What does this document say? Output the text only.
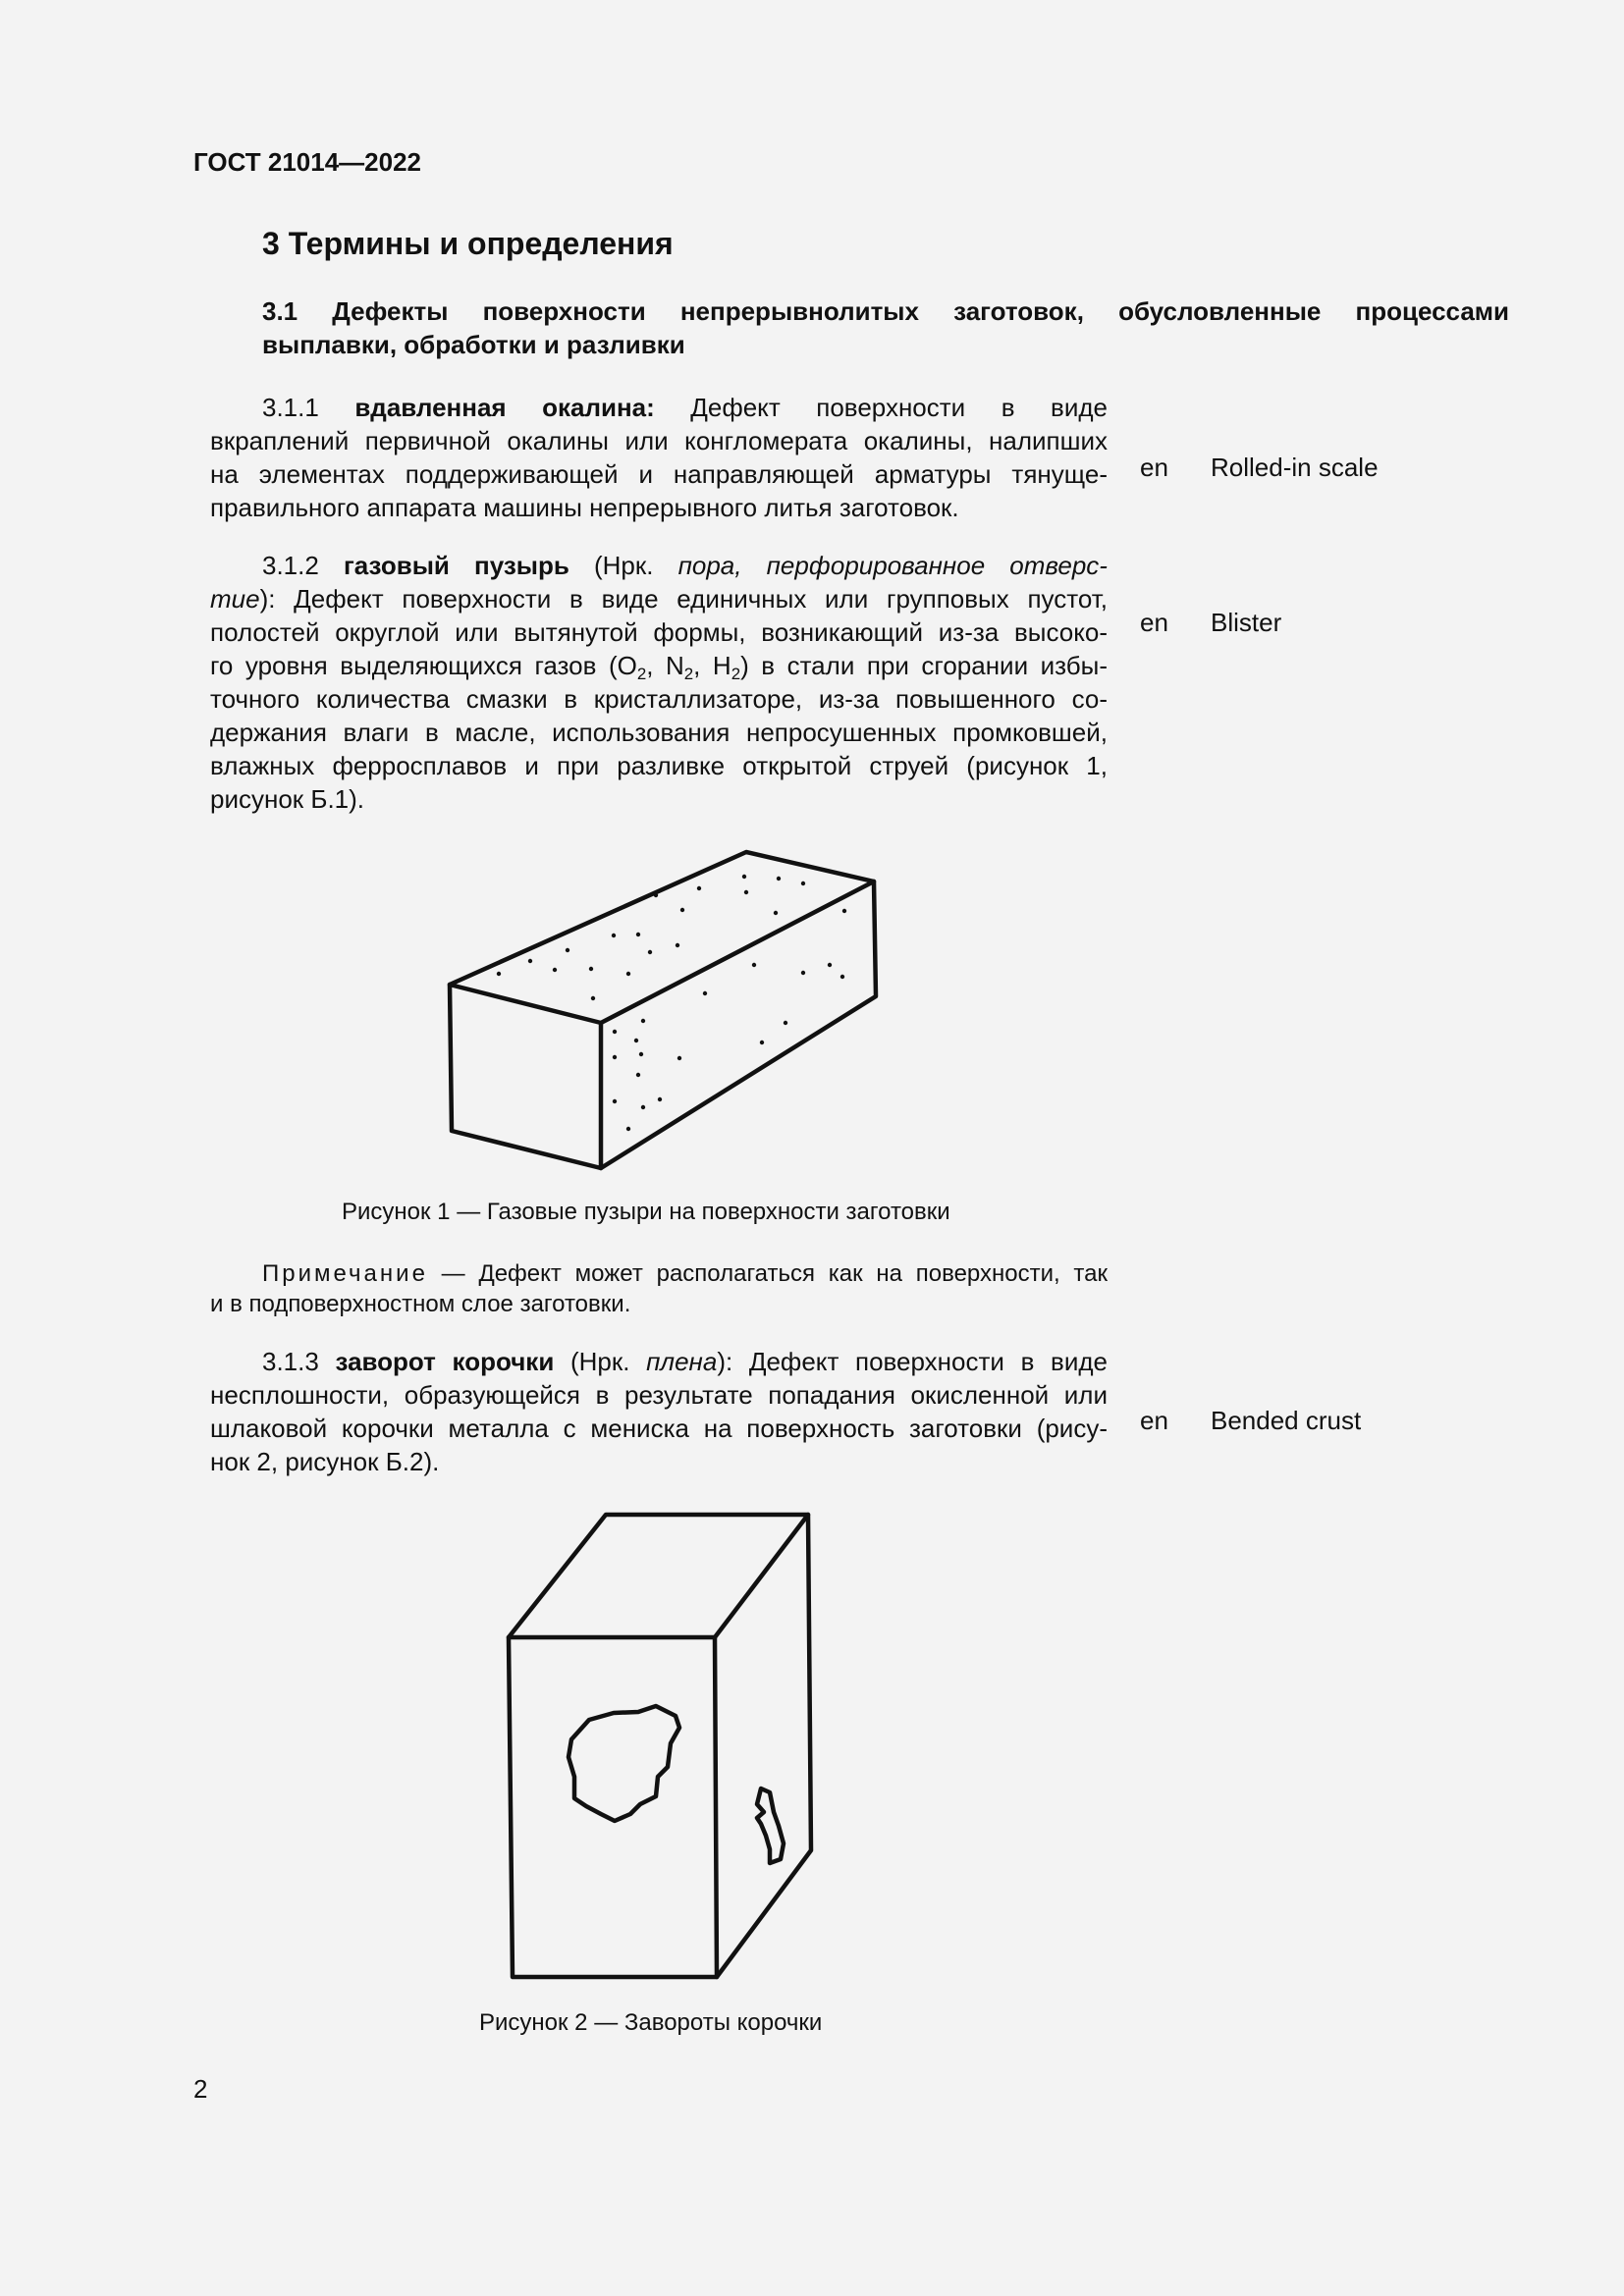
ГОСТ 21014—2022
3 Термины и определения
3.1 Дефекты поверхности непрерывнолитых заготовок, обусловленные процессами
выплавки, обработки и разливки

3.1.1 вдавленная окалина: Дефект поверхности в виде

вкраплений первичной окалины или конгломерата окалины, налипших

на элементах поддерживающей и направляющей арматуры тянуще-

правильного аппарата машины непрерывного литья заготовок.

en Rolled-in scale

3.1.2 газовый пузырь (Нрк. пора, перфорированное отверс-

тие): Дефект поверхности в виде единичных или групповых пустот,

полостей округлой или вытянутой формы, возникающий из-за высоко-

го уровня выделяющихся газов ($O_2$, $N_2$, $H_2$) в стали при сгорании избы-

точного количества смазки в кристаллизаторе, из-за повышенного со-

держания влаги в масле, использования непросушенных промковшей,

влажных ферросплавов и при разливке открытой струей (рисунок 1,

рисунок Б.1).

en Blister
Рисунок 1 — Газовые пузыри на поверхности заготовки
Примечание — Дефект может располагаться как на поверхности, так
и в подповерхностном слое заготовки.

3.1.3 заворот корочки (Нрк. плена): Дефект поверхности в виде

несплошности, образующейся в результате попадания окисленной или

шлаковой корочки металла с мениска на поверхность заготовки (рису-

нок 2, рисунок Б.2).

en Bended crust
Рисунок 2 — Завороты корочки
2
